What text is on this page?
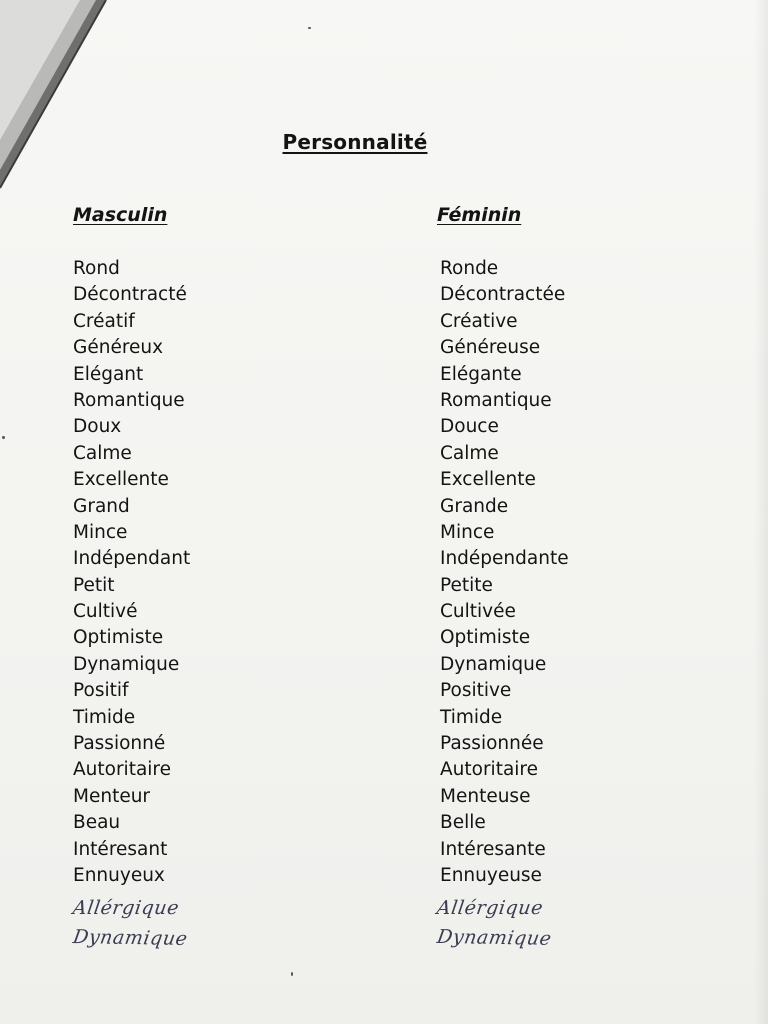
Personnalité
Masculin
Rond
Décontracté
Créatif
Généreux
Elégant
Romantique
Doux
Calme
Excellente
Grand
Mince
Indépendant
Petit
Cultivé
Optimiste
Dynamique
Positif
Timide
Passionné
Autoritaire
Menteur
Beau
Intéresant
Ennuyeux
Allérgique
Dynamique
Féminin
Ronde
Décontractée
Créative
Généreuse
Elégante
Romantique
Douce
Calme
Excellente
Grande
Mince
Indépendante
Petite
Cultivée
Optimiste
Dynamique
Positive
Timide
Passionnée
Autoritaire
Menteuse
Belle
Intéresante
Ennuyeuse
Allérgique
Dynamique
